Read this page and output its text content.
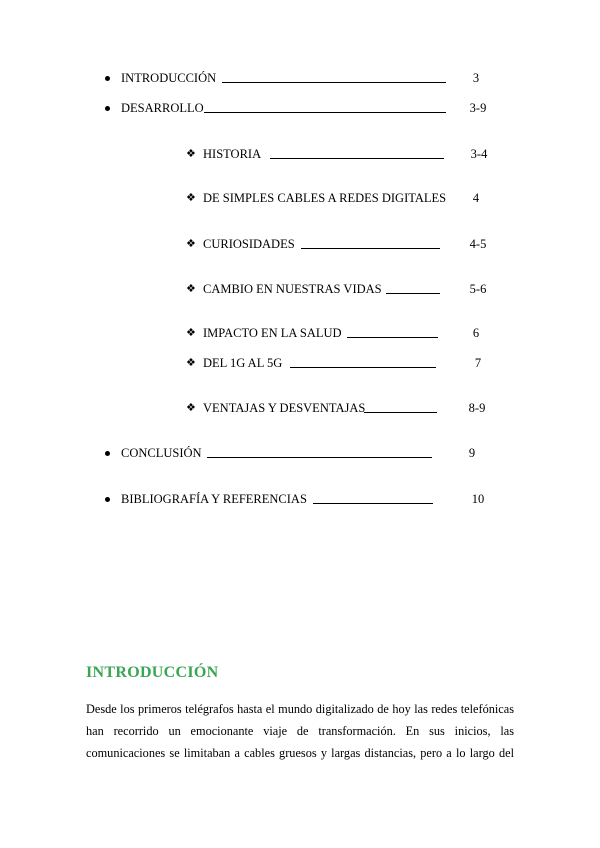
INTRODUCCIÓN	3
DESARROLLO	3-9
❖ HISTORIA	3-4
❖ DE SIMPLES CABLES A REDES DIGITALES	4
❖ CURIOSIDADES	4-5
❖ CAMBIO EN NUESTRAS VIDAS	5-6
❖ IMPACTO EN LA SALUD	6
❖ DEL 1G AL 5G	7
❖ VENTAJAS Y DESVENTAJAS	8-9
CONCLUSIÓN	9
BIBLIOGRAFÍA Y REFERENCIAS	10
INTRODUCCIÓN
Desde los primeros telégrafos hasta el mundo digitalizado de hoy las redes telefónicas
han recorrido un emocionante viaje de transformación. En sus inicios, las
comunicaciones se limitaban a cables gruesos y largas distancias, pero a lo largo del
